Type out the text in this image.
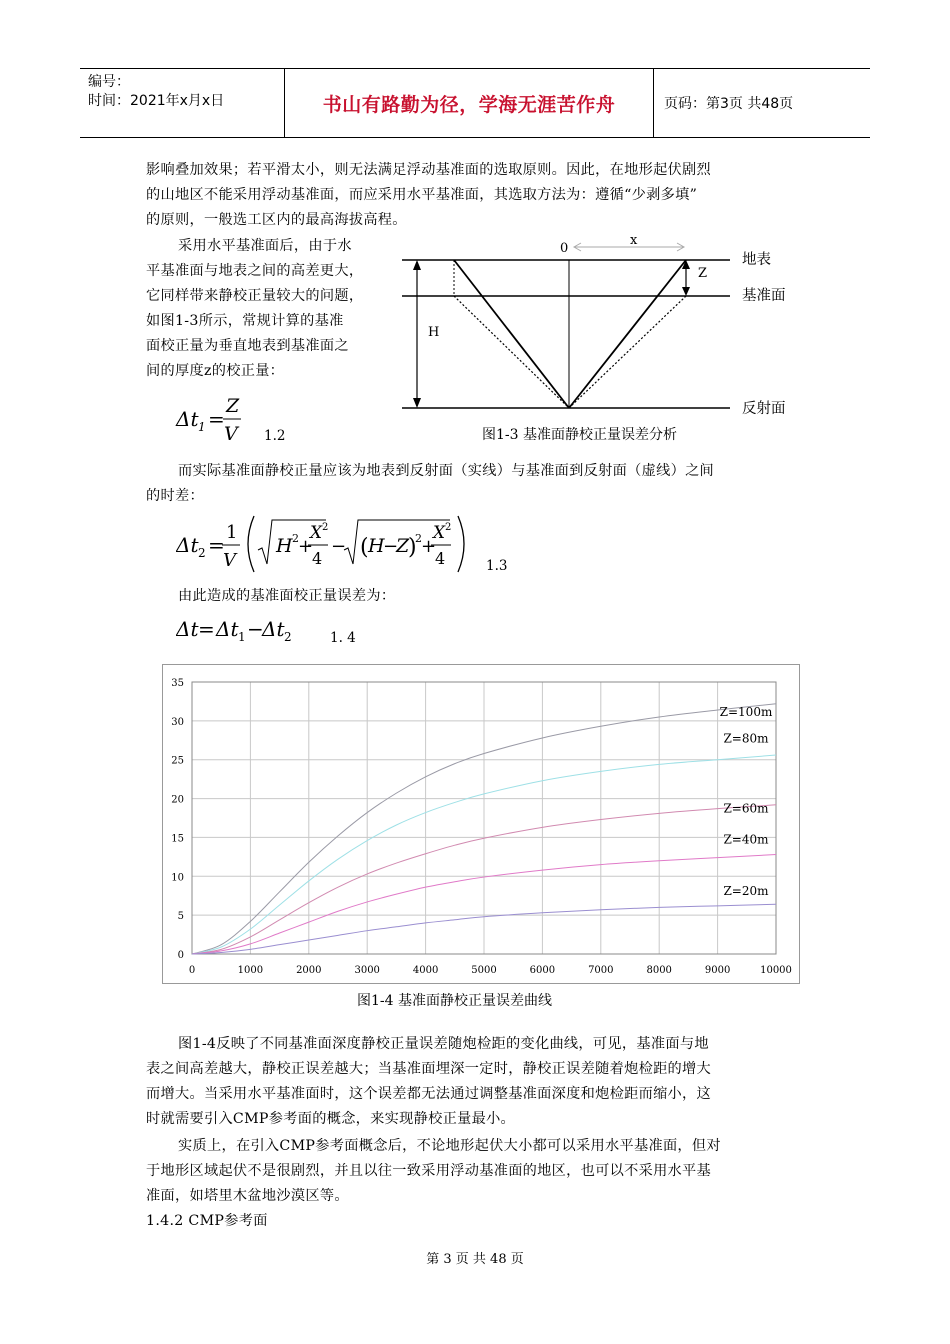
编号：
时间：2021年x月x日	书山有路勤为径，学海无涯苦作舟	页码：第3页 共48页
影响叠加效果；若平滑太小，则无法满足浮动基准面的选取原则。因此，在地形起伏剧烈
的山地区不能采用浮动基准面，而应采用水平基准面，其选取方法为：遵循“少剥多填”
的原则，一般选工区内的最高海拔高程。
采用水平基准面后，由于水
平基准面与地表之间的高差更大，
它同样带来静校正量较大的问题，
如图1-3所示，常规计算的基准
面校正量为垂直地表到基准面之
间的厚度z的校正量：
Δt 1 =
Z
V 1.2
0
x
Z
H
地表
基准面
反射面
图1-3 基准面静校正量误差分析
而实际基准面静校正量应该为地表到反射面（实线）与基准面到反射面（虚线）之间
的时差：
Δt 2 =
1
V
H 2 +
X 2
4
− ( H
−
Z
)
2 +
X 2
4	1.3
由此造成的基准面校正量误差为：
Δt = Δt 1 −
Δt 2	1. 4
0	1000	2000	3000	4000	5000	6000	7000	8000	9000	10000
0
5
10
15
20
25
30
35
Z=100m
Z=80m
Z=60m
Z=40m
Z=20m
图1-4 基准面静校正量误差曲线
图1-4反映了不同基准面深度静校正量误差随炮检距的变化曲线，可见，基准面与地
表之间高差越大，静校正误差越大；当基准面埋深一定时，静校正误差随着炮检距的增大
而增大。当采用水平基准面时，这个误差都无法通过调整基准面深度和炮检距而缩小，这
时就需要引入CMP参考面的概念，来实现静校正量最小。
实质上，在引入CMP参考面概念后，不论地形起伏大小都可以采用水平基准面，但对
于地形区域起伏不是很剧烈，并且以往一致采用浮动基准面的地区，也可以不采用水平基
准面，如塔里木盆地沙漠区等。
1.4.2 CMP参考面
第 3 页 共 48 页
